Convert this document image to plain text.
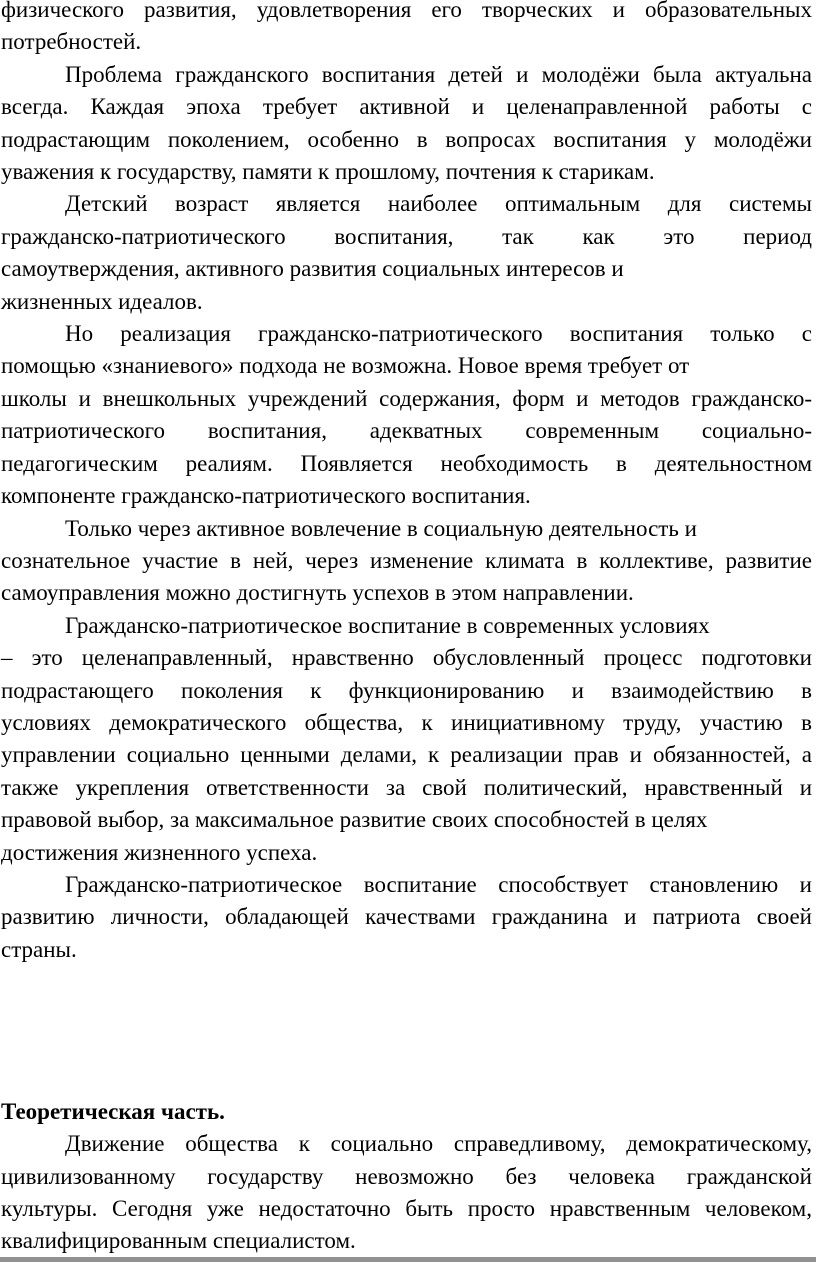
физического развития, удовлетворения его творческих и образовательных
потребностей.
Проблема гражданского воспитания детей и молодёжи была актуальна
всегда. Каждая эпоха требует активной и целенаправленной работы с
подрастающим поколением, особенно в вопросах воспитания у молодёжи
уважения к государству, памяти к прошлому, почтения к старикам.
Детский возраст является наиболее оптимальным для системы
гражданско-патриотического воспитания, так как это период
самоутверждения, активного развития социальных интересов и
жизненных идеалов.
Но реализация гражданско-патриотического воспитания только с
помощью «знаниевого» подхода не возможна. Новое время требует от
школы и внешкольных учреждений содержания, форм и методов гражданско-
патриотического воспитания, адекватных современным социально-
педагогическим реалиям. Появляется необходимость в деятельностном
компоненте гражданско-патриотического воспитания.
Только через активное вовлечение в социальную деятельность и
сознательное участие в ней, через изменение климата в коллективе, развитие
самоуправления можно достигнуть успехов в этом направлении.
Гражданско-патриотическое воспитание в современных условиях
– это целенаправленный, нравственно обусловленный процесс подготовки
подрастающего поколения к функционированию и взаимодействию в
условиях демократического общества, к инициативному труду, участию в
управлении социально ценными делами, к реализации прав и обязанностей, а
также укрепления ответственности за свой политический, нравственный и
правовой выбор, за максимальное развитие своих способностей в целях
достижения жизненного успеха.
Гражданско-патриотическое воспитание способствует становлению и
развитию личности, обладающей качествами гражданина и патриота своей
страны.

Теоретическая часть.
Движение общества к социально справедливому, демократическому,
цивилизованному государству невозможно без человека гражданской
культуры. Сегодня уже недостаточно быть просто нравственным человеком,
квалифицированным специалистом.
